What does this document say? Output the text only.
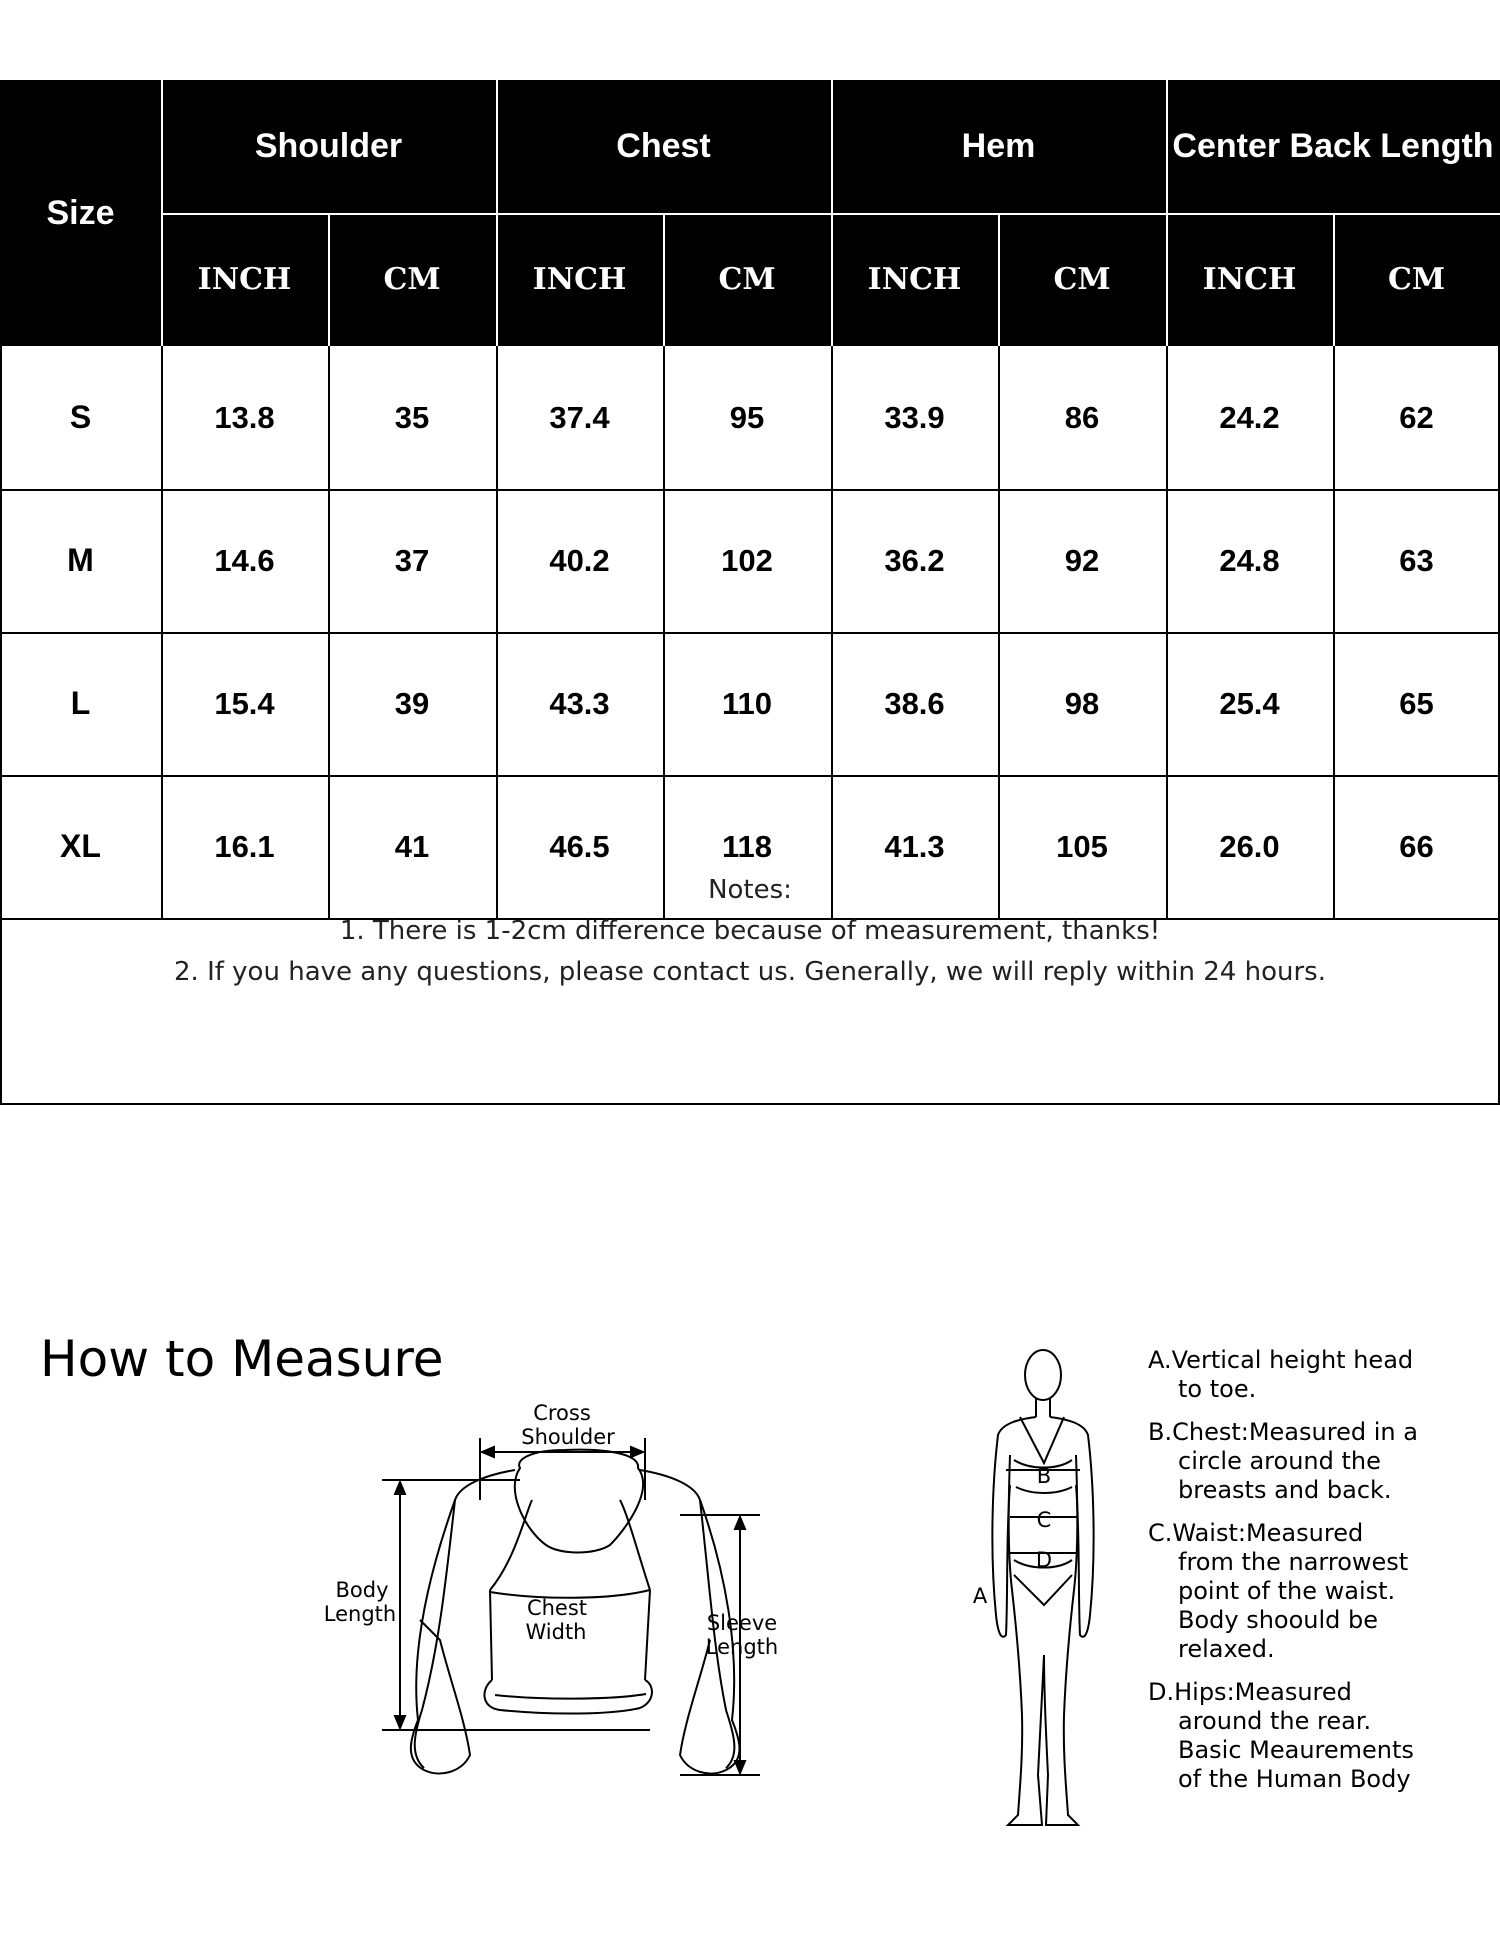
Size
Shoulder
INCH	CM
Chest
INCH	CM
Hem
INCH	CM
Center Back Length
INCH	CM
S	13.8	35	37.4	95	33.9	86	24.2	62
M	14.6	37	40.2	102	36.2	92	24.8	63
L	15.4	39	43.3	110	38.6	98	25.4	65
XL	16.1	41	46.5	118	41.3	105	26.0	66
Notes:
1. There is 1-2cm difference because of measurement, thanks!
2. If you have any questions, please contact us. Generally, we will reply within 24 hours.
How to Measure
Cross
Shoulder
Body
Length	Chest
Width	Sleeve
Length
B
C
D
A
A.Vertical height head
to toe.
B.Chest:Measured in a
circle around the
breasts and back.
C.Waist:Measured
from the narrowest
point of the waist.
Body shoould be
relaxed.
D.Hips:Measured
around the rear.
Basic Meaurements
of the Human Body
